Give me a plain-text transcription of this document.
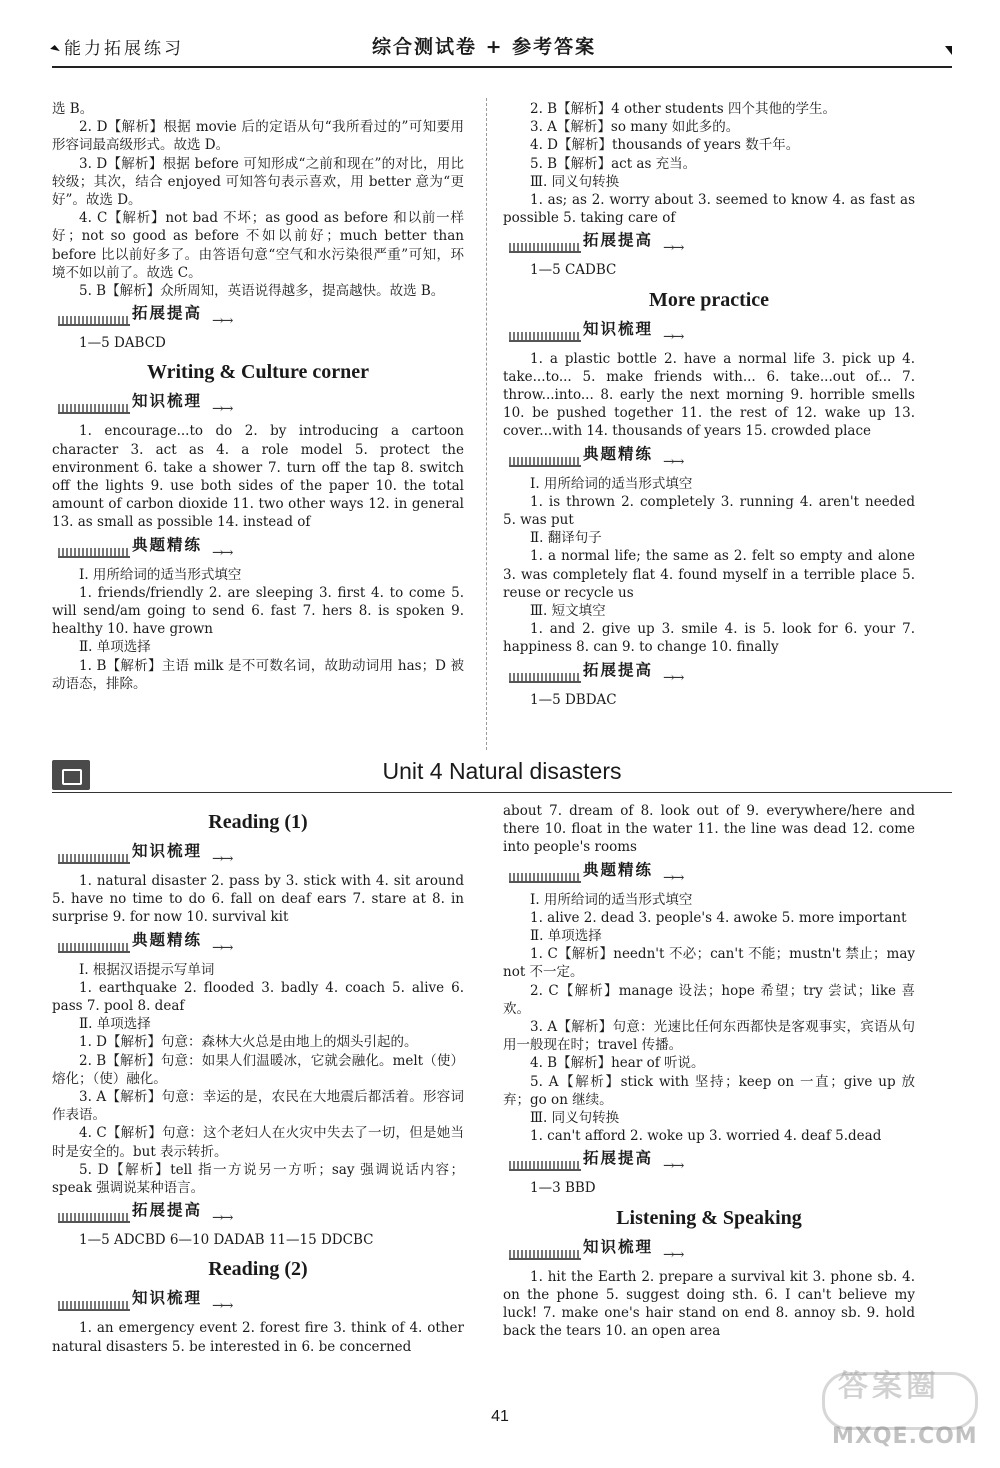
能力拓展练习	综合测试卷 + 参考答案

选 B。

2. D【解析】根据 movie 后的定语从句“我所看过的”可知要用形容词最高级形式。故选 D。

3. D【解析】根据 before 可知形成“之前和现在”的对比，用比较级；其次，结合 enjoyed 可知答句表示喜欢，用 better 意为“更好”。故选 D。

4. C【解析】not bad 不坏；as good as before 和以前一样好；not so good as before 不如以前好；much better than before 比以前好多了。由答语句意“空气和水污染很严重”可知，环境不如以前了。故选 C。

5. B【解析】众所周知，英语说得越多，提高越快。故选 B。

拓展提高 →→

1—5 DABCD

Writing & Culture corner
知识梳理 →→

1. encourage...to do 2. by introducing a cartoon character 3. act as 4. a role model 5. protect the environment 6. take a shower 7. turn off the tap 8. switch off the lights 9. use both sides of the paper 10. the total amount of carbon dioxide 11. two other ways 12. in general 13. as small as possible 14. instead of

典题精练 →→

Ⅰ. 用所给词的适当形式填空

1. friends/friendly 2. are sleeping 3. first 4. to come 5. will send/am going to send 6. fast 7. hers 8. is spoken 9. healthy 10. have grown

Ⅱ. 单项选择

1. B【解析】主语 milk 是不可数名词，故助动词用 has；D 被动语态，排除。

2. B【解析】4 other students 四个其他的学生。

3. A【解析】so many 如此多的。

4. D【解析】thousands of years 数千年。

5. B【解析】act as 充当。

Ⅲ. 同义句转换

1. as; as 2. worry about 3. seemed to know 4. as fast as possible 5. taking care of

拓展提高 →→

1—5 CADBC

More practice
知识梳理 →→

1. a plastic bottle 2. have a normal life 3. pick up 4. take...to... 5. make friends with... 6. take...out of... 7. throw...into... 8. early the next morning 9. horrible smells 10. be pushed together 11. the rest of 12. wake up 13. cover...with 14. thousands of years 15. crowded place

典题精练 →→

Ⅰ. 用所给词的适当形式填空

1. is thrown 2. completely 3. running 4. aren't needed 5. was put

Ⅱ. 翻译句子

1. a normal life; the same as 2. felt so empty and alone 3. was completely flat 4. found myself in a terrible place 5. reuse or recycle us

Ⅲ. 短文填空

1. and 2. give up 3. smile 4. is 5. look for 6. your 7. happiness 8. can 9. to change 10. finally

拓展提高 →→

1—5 DBDAC

Unit 4 Natural disasters
Reading (1)
知识梳理 →→

1. natural disaster 2. pass by 3. stick with 4. sit around 5. have no time to do 6. fall on deaf ears 7. stare at 8. in surprise 9. for now 10. survival kit

典题精练 →→

Ⅰ. 根据汉语提示写单词

1. earthquake 2. flooded 3. badly 4. coach 5. alive 6. pass 7. pool 8. deaf

Ⅱ. 单项选择

1. D【解析】句意：森林大火总是由地上的烟头引起的。

2. B【解析】句意：如果人们温暖冰，它就会融化。melt（使）熔化；（使）融化。

3. A【解析】句意：幸运的是，农民在大地震后都活着。形容词作表语。

4. C【解析】句意：这个老妇人在火灾中失去了一切，但是她当时是安全的。but 表示转折。

5. D【解析】tell 指一方说另一方听；say 强调说话内容；speak 强调说某种语言。

拓展提高 →→

1—5 ADCBD 6—10 DADAB 11—15 DDCBC

Reading (2)
知识梳理 →→

1. an emergency event 2. forest fire 3. think of 4. other natural disasters 5. be interested in 6. be concerned

about 7. dream of 8. look out of 9. everywhere/here and there 10. float in the water 11. the line was dead 12. come into people's rooms

典题精练 →→

Ⅰ. 用所给词的适当形式填空

1. alive 2. dead 3. people's 4. awoke 5. more important

Ⅱ. 单项选择

1. C【解析】needn't 不必；can't 不能；mustn't 禁止；may not 不一定。

2. C【解析】manage 设法；hope 希望；try 尝试；like 喜欢。

3. A【解析】句意：光速比任何东西都快是客观事实，宾语从句用一般现在时；travel 传播。

4. B【解析】hear of 听说。

5. A【解析】stick with 坚持；keep on 一直；give up 放弃；go on 继续。

Ⅲ. 同义句转换

1. can't afford 2. woke up 3. worried 4. deaf 5.dead

拓展提高 →→

1—3 BBD

Listening & Speaking
知识梳理 →→

1. hit the Earth 2. prepare a survival kit 3. phone sb. 4. on the phone 5. suggest doing sth. 6. I can't believe my luck! 7. make one's hair stand on end 8. annoy sb. 9. hold back the tears 10. an open area

41
答案圈
MXQE.COM
